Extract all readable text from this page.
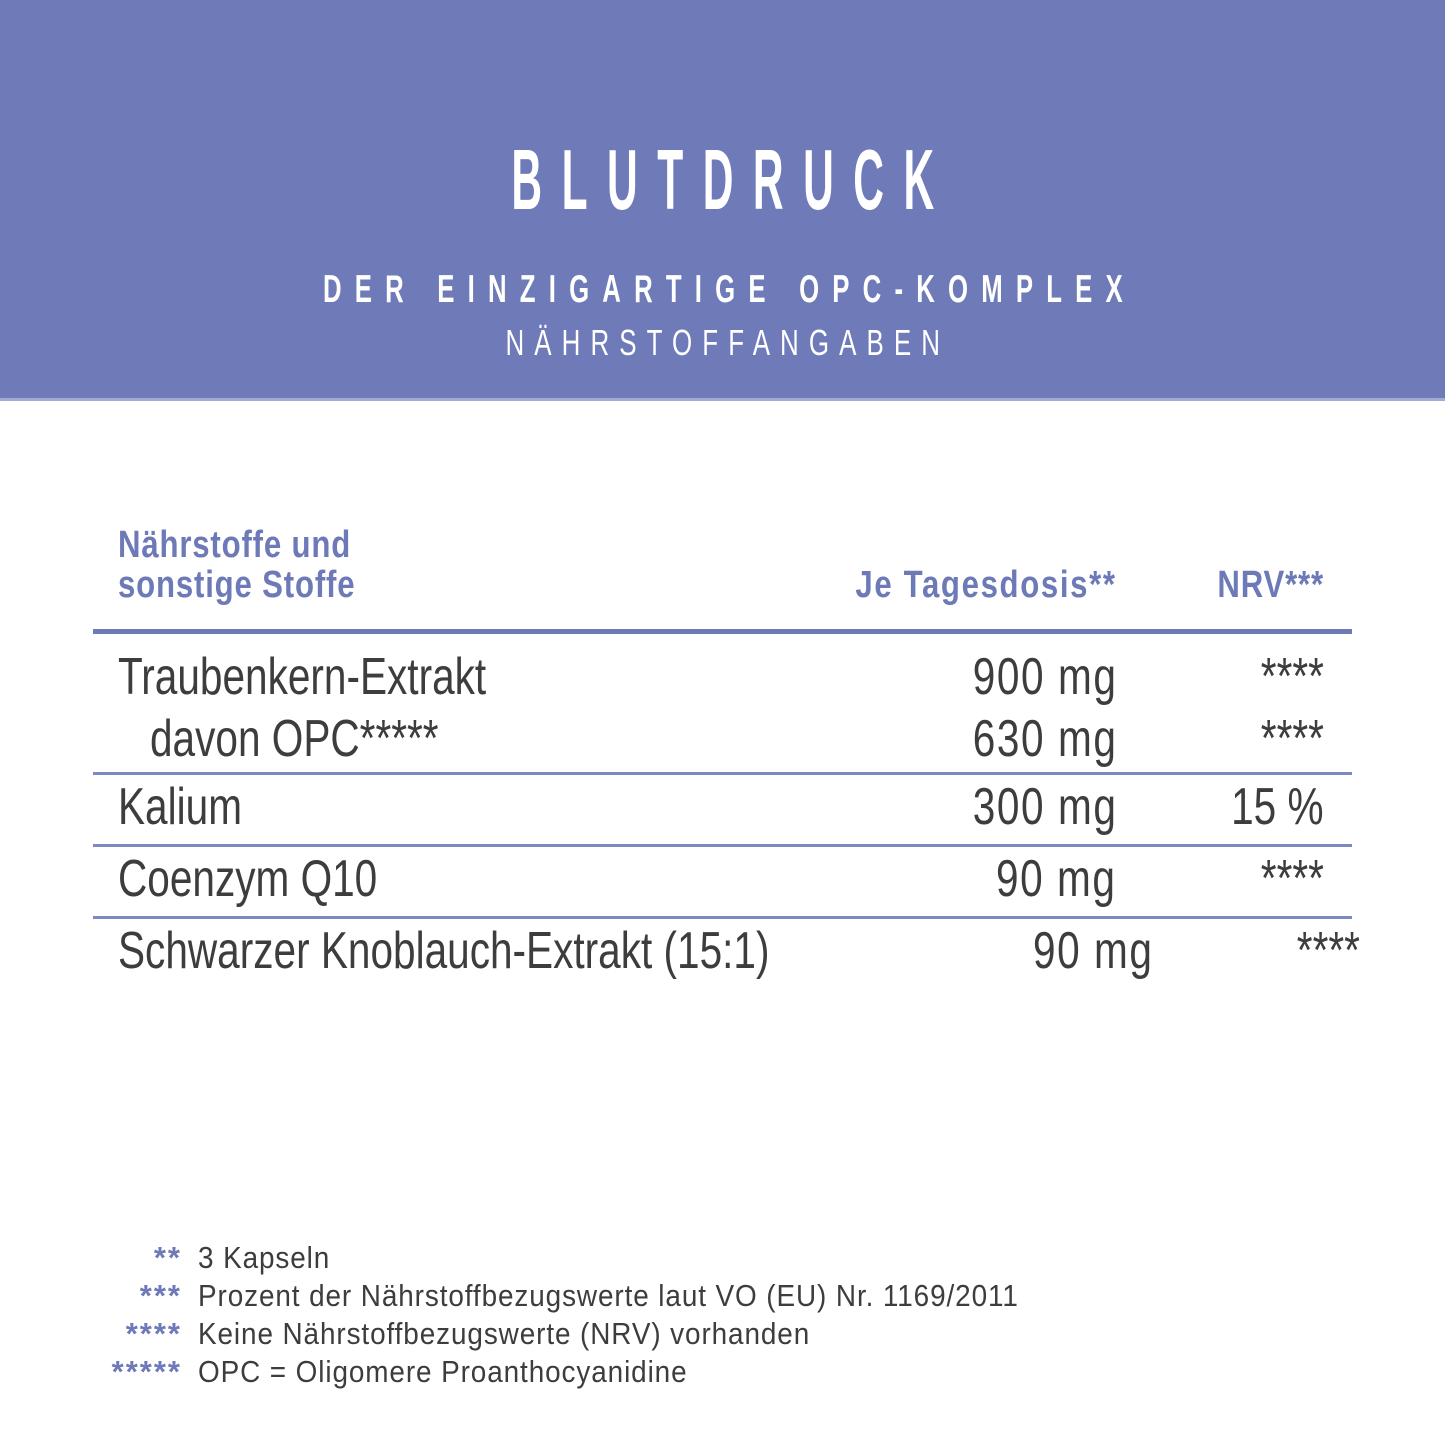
BLUTDRUCK
DER EINZIGARTIGE OPC-KOMPLEX
NÄHRSTOFFANGABEN
Nährstoffe und
sonstige Stoffe	Je Tagesdosis**	NRV***
Traubenkern-Extrakt	900 mg	****
davon OPC*****	630 mg	****
Kalium	300 mg	15 %
Coenzym Q10	90 mg	****
Schwarzer Knoblauch-Extrakt (15:1)	90 mg	****
** 3 Kapseln
*** Prozent der Nährstoffbezugswerte laut VO (EU) Nr. 1169/2011
**** Keine Nährstoffbezugswerte (NRV) vorhanden
***** OPC = Oligomere Proanthocyanidine
